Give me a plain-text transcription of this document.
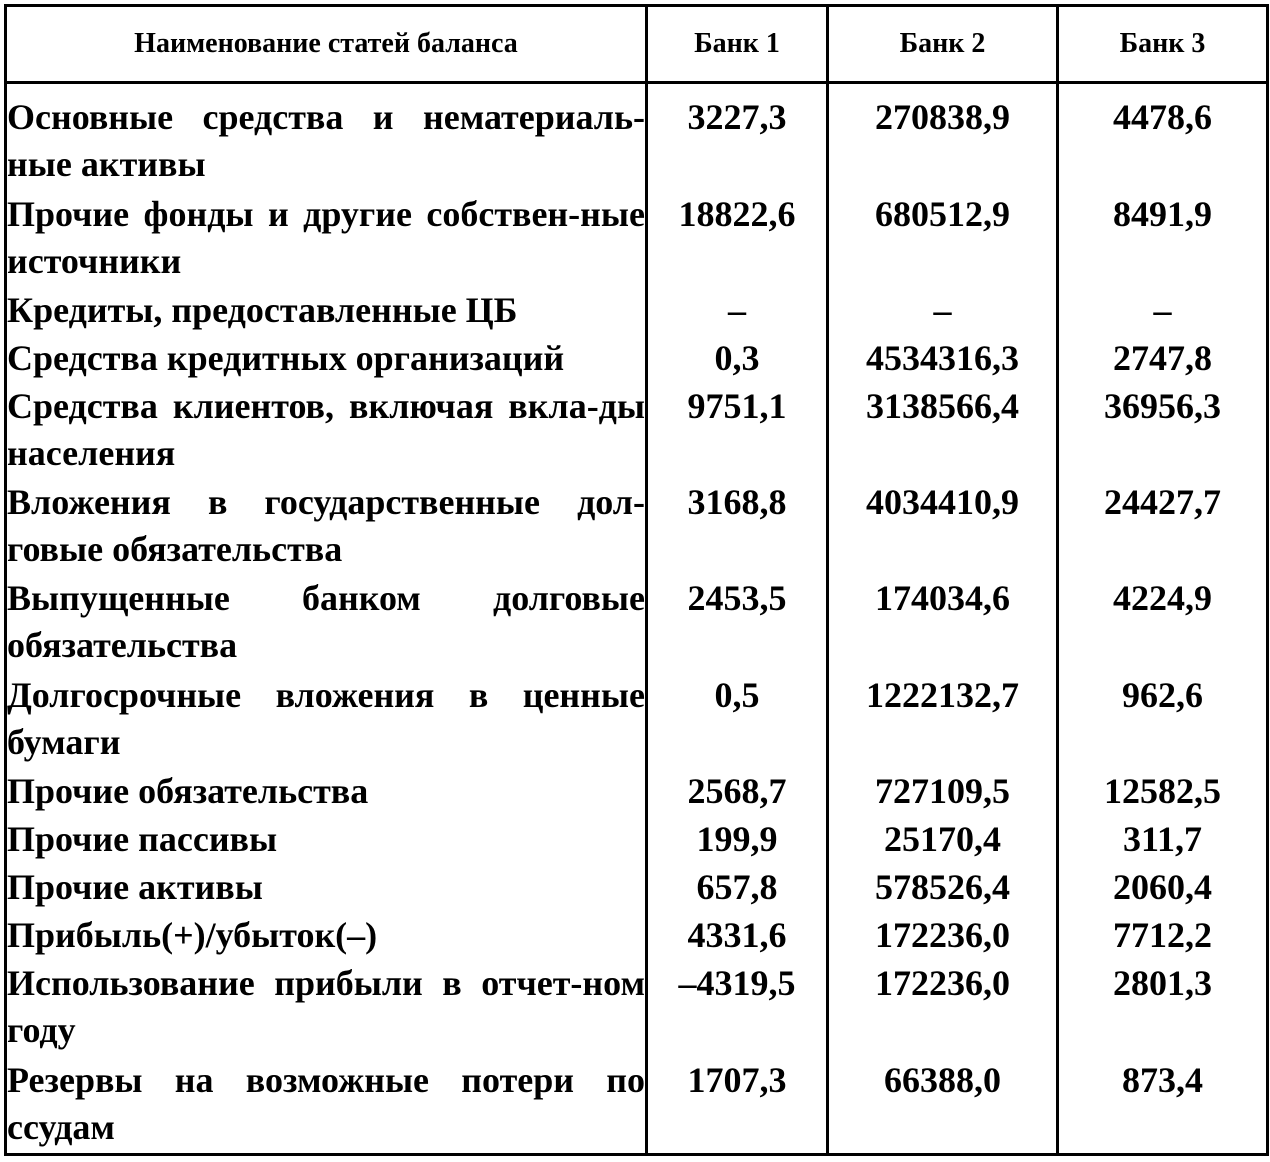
Наименование статей баланса	Банк 1	Банк 2	Банк 3
Основные средства и нематериаль-ные активы	3227,3	270838,9	4478,6
Прочие фонды и другие собствен-ные источники	18822,6	680512,9	8491,9
Кредиты, предоставленные ЦБ	–	–	–
Средства кредитных организаций	0,3	4534316,3	2747,8
Средства клиентов, включая вкла-ды населения	9751,1	3138566,4	36956,3
Вложения в государственные дол-говые обязательства	3168,8	4034410,9	24427,7
Выпущенные банком долговые обязательства	2453,5	174034,6	4224,9
Долгосрочные вложения в ценные бумаги	0,5	1222132,7	962,6
Прочие обязательства	2568,7	727109,5	12582,5
Прочие пассивы	199,9	25170,4	311,7
Прочие активы	657,8	578526,4	2060,4
Прибыль(+)/убыток(–)	4331,6	172236,0	7712,2
Использование прибыли в отчет-ном году	–4319,5	172236,0	2801,3
Резервы на возможные потери по ссудам	1707,3	66388,0	873,4
